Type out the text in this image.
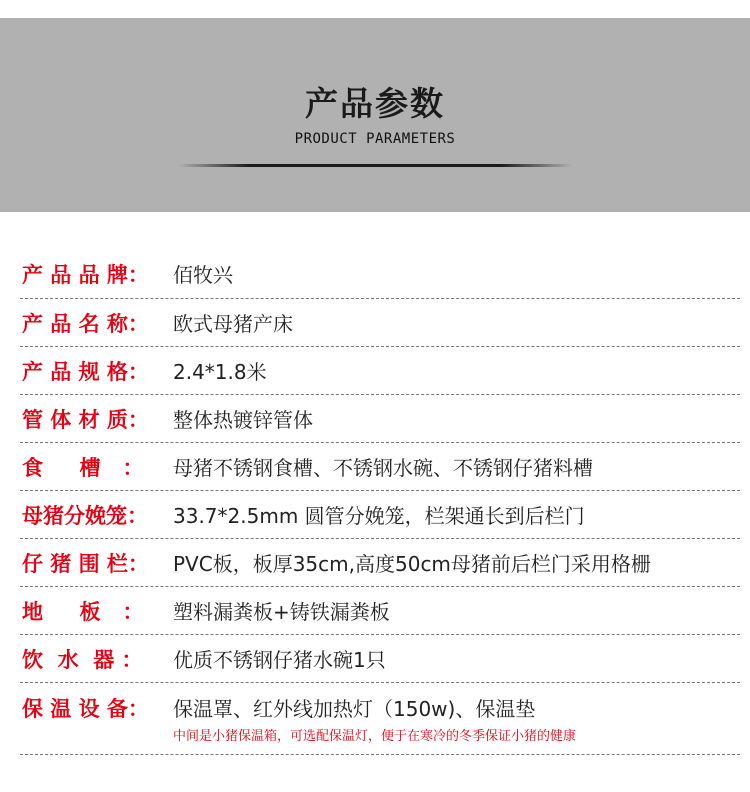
产品参数
PRODUCT PARAMETERS
产 品 品 牌： 佰牧兴
产 品 名 称： 欧式母猪产床
产 品 规 格： 2.4*1.8米
管 体 材 质： 整体热镀锌管体
食     槽   ： 母猪不锈钢食槽、不锈钢水碗、不锈钢仔猪料槽
母猪分娩笼： 33.7*2.5mm 圆管分娩笼，栏架通长到后栏门
仔 猪 围 栏： PVC板，板厚35cm,高度50cm母猪前后栏门采用格栅
地     板   ： 塑料漏粪板+铸铁漏粪板
饮  水  器 ： 优质不锈钢仔猪水碗1只
保 温 设 备： 保温罩、红外线加热灯（150w)、保温垫
中间是小猪保温箱，可选配保温灯，便于在寒冷的冬季保证小猪的健康
